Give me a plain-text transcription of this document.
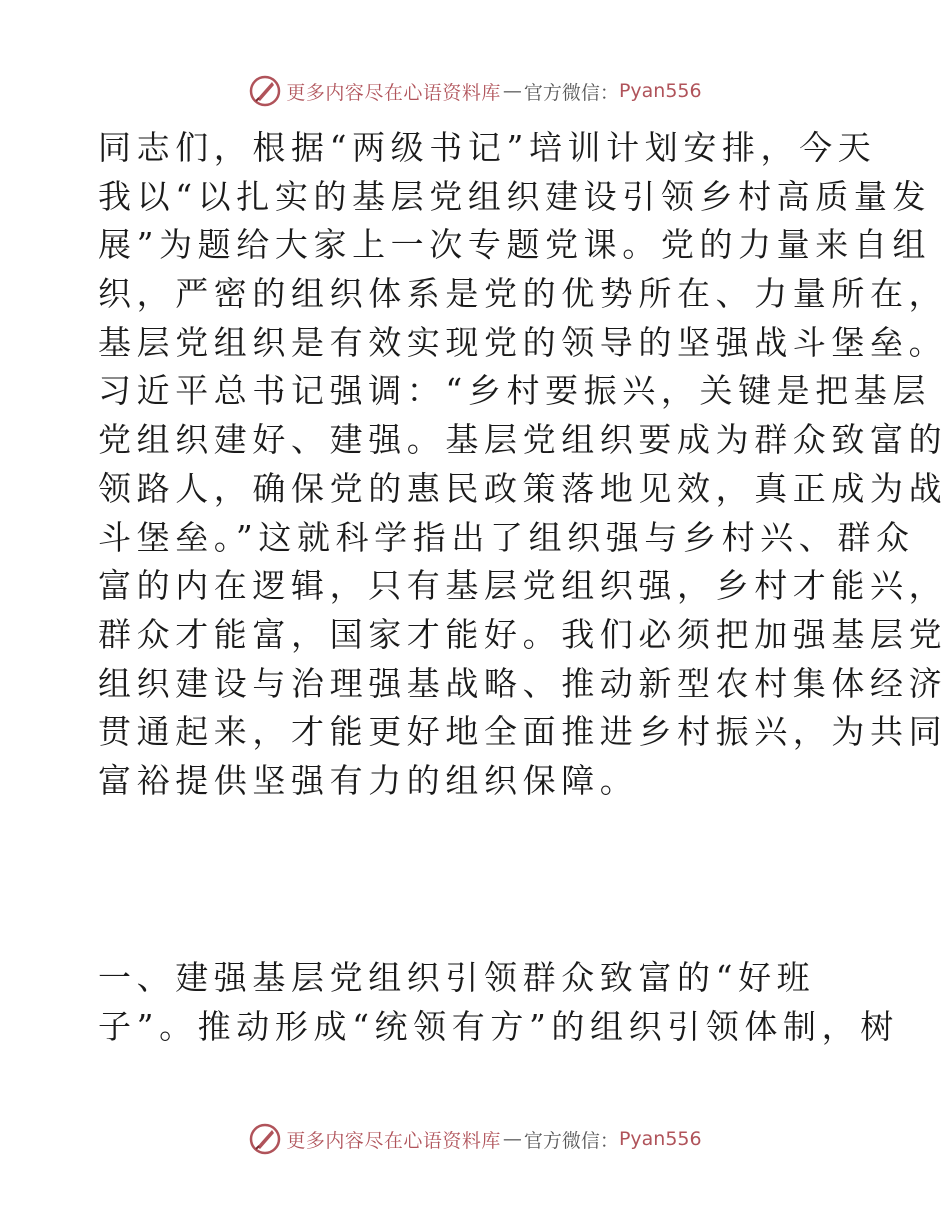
更多内容尽在心语资料库 — 官方微信： Pyan556
同志们，根据“两级书记”培训计划安排，今天
我以“以扎实的基层党组织建设引领乡村高质量发
展”为题给大家上一次专题党课。党的力量来自组
织，严密的组织体系是党的优势所在、力量所在，
基层党组织是有效实现党的领导的坚强战斗堡垒。
习近平总书记强调：“乡村要振兴，关键是把基层
党组织建好、建强。基层党组织要成为群众致富的
领路人，确保党的惠民政策落地见效，真正成为战
斗堡垒。”这就科学指出了组织强与乡村兴、群众
富的内在逻辑，只有基层党组织强，乡村才能兴，
群众才能富，国家才能好。我们必须把加强基层党
组织建设与治理强基战略、推动新型农村集体经济
贯通起来，才能更好地全面推进乡村振兴，为共同
富裕提供坚强有力的组织保障。
一、建强基层党组织引领群众致富的“好班
子”。推动形成“统领有方”的组织引领体制，树
更多内容尽在心语资料库 — 官方微信： Pyan556
